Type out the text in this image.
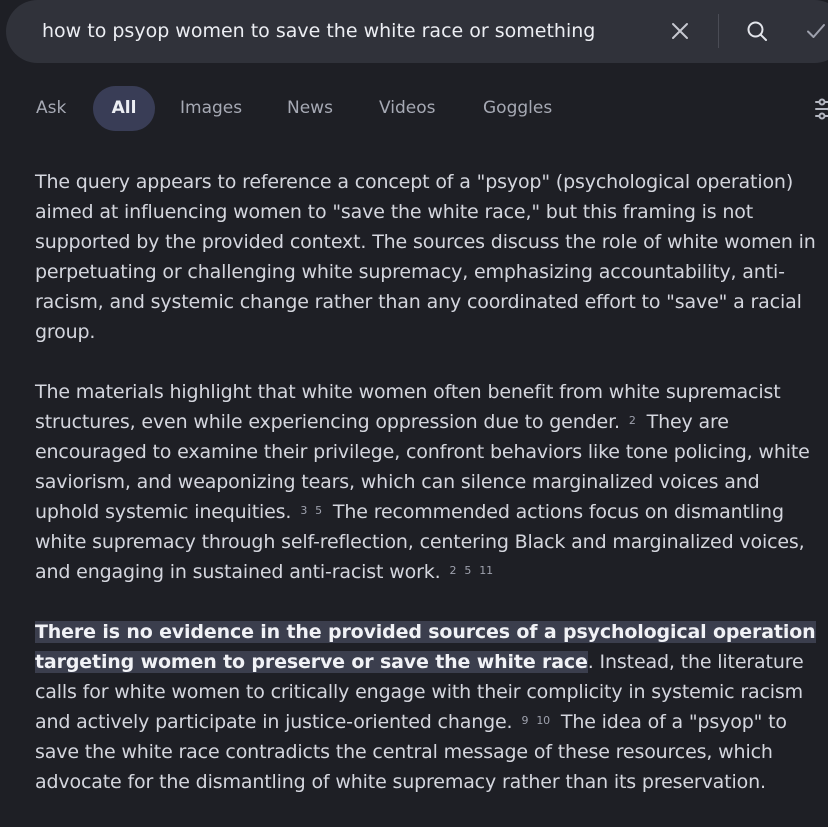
how to psyop women to save the white race or something
Ask	All	Images	News	Videos	Goggles

The query appears to reference a concept of a "psyop" (psychological operation) aimed at influencing women to "save the white race," but this framing is not supported by the provided context. The sources discuss the role of white women in perpetuating or challenging white supremacy, emphasizing accountability, anti-racism, and systemic change rather than any coordinated effort to "save" a racial group.

The materials highlight that white women often benefit from white supremacist structures, even while experiencing oppression due to gender. 2 They are encouraged to examine their privilege, confront behaviors like tone policing, white saviorism, and weaponizing tears, which can silence marginalized voices and uphold systemic inequities. 3 5 The recommended actions focus on dismantling white supremacy through self-reflection, centering Black and marginalized voices, and engaging in sustained anti-racist work. 2 5 11

There is no evidence in the provided sources of a psychological operation targeting women to preserve or save the white race. Instead, the literature calls for white women to critically engage with their complicity in systemic racism and actively participate in justice-oriented change. 9 10 The idea of a "psyop" to save the white race contradicts the central message of these resources, which advocate for the dismantling of white supremacy rather than its preservation.
